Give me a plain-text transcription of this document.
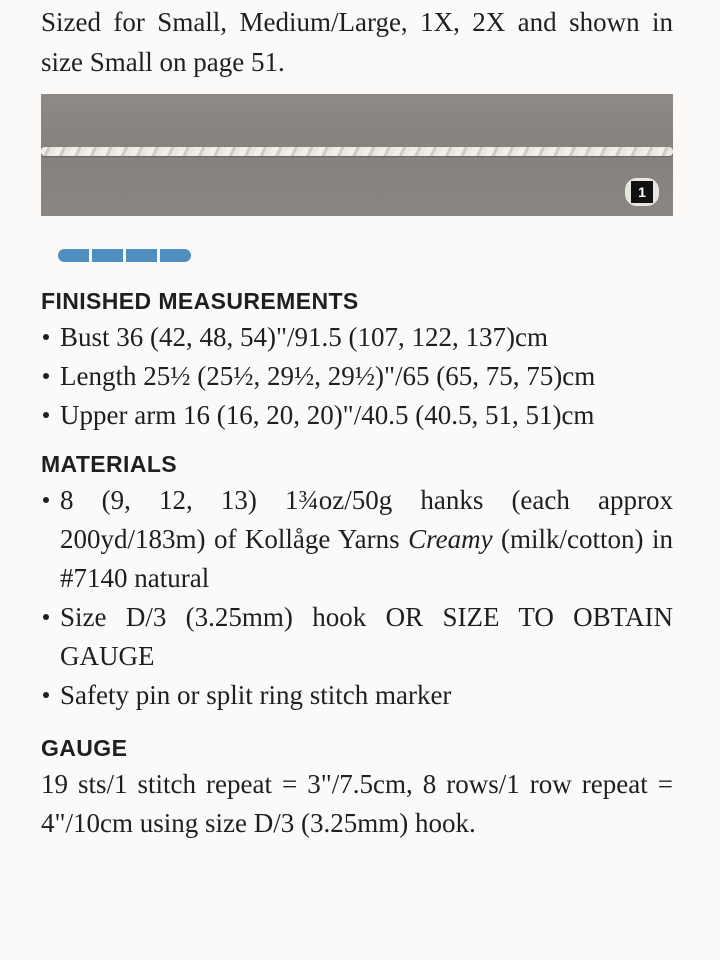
Sized for Small, Medium/Large, 1X, 2X and shown in size Small on page 51.

1
FINISHED MEASUREMENTS
Bust 36 (42, 48, 54)"/91.5 (107, 122, 137)cm
Length 25½ (25½, 29½, 29½)"/65 (65, 75, 75)cm
Upper arm 16 (16, 20, 20)"/40.5 (40.5, 51, 51)cm
MATERIALS
8 (9, 12, 13) 1¾oz/50g hanks (each approx 200yd/183m) of Kollåge Yarns Creamy (milk/cotton) in #7140 natural
Size D/3 (3.25mm) hook OR SIZE TO OBTAIN GAUGE
Safety pin or split ring stitch marker
GAUGE

19 sts/1 stitch repeat = 3"/7.5cm, 8 rows/1 row repeat = 4"/10cm using size D/3 (3.25mm) hook.
